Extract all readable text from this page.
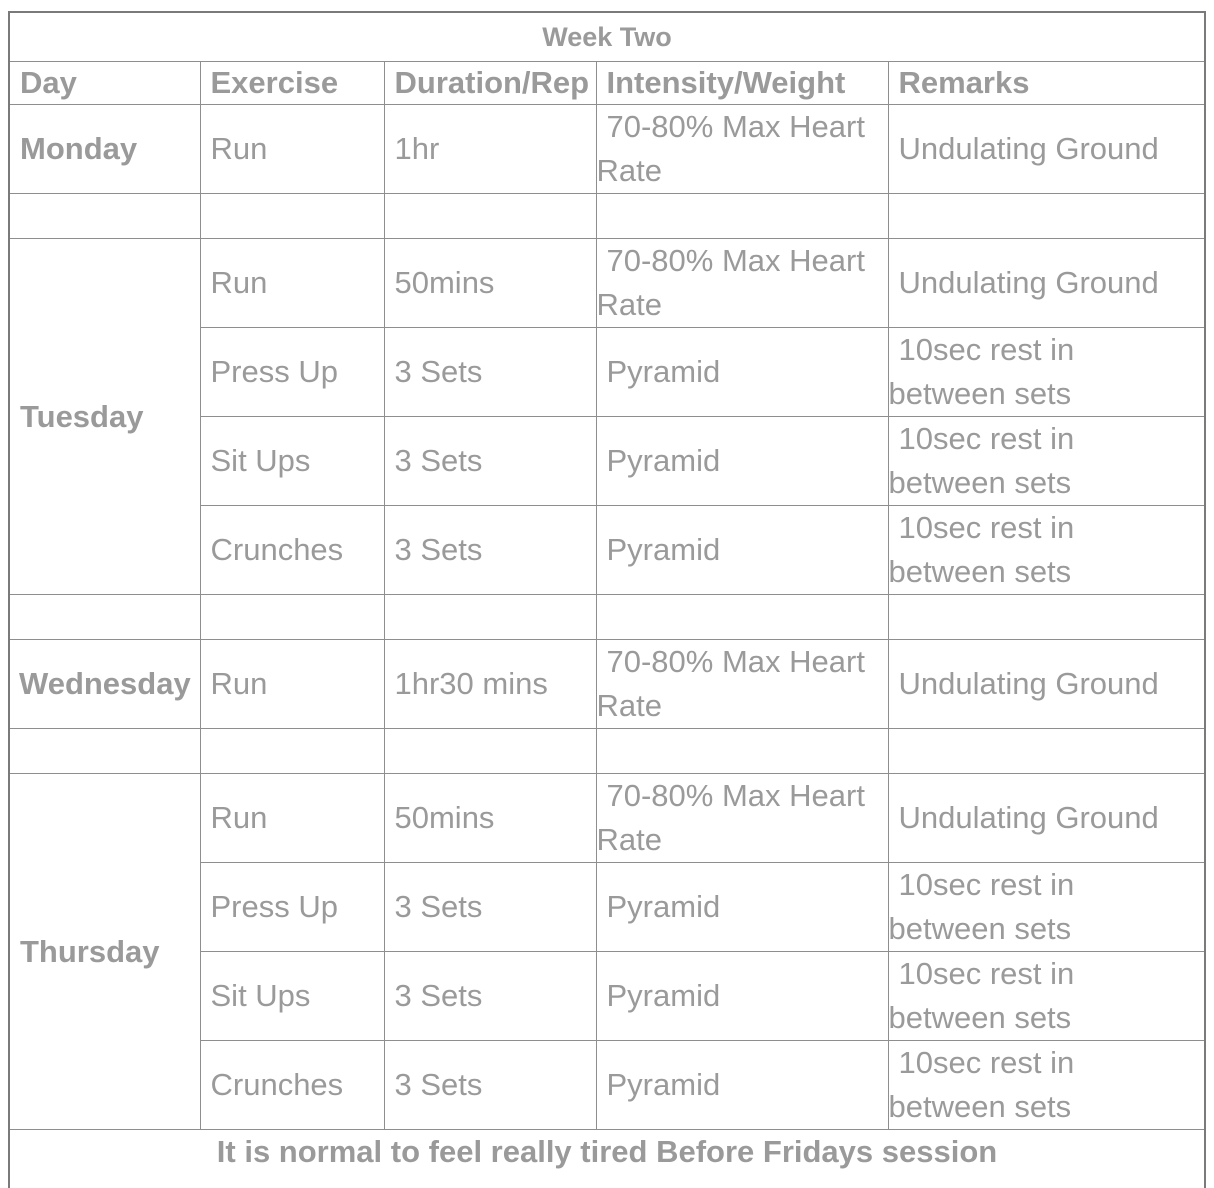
Week Two				
Day	Exercise	Duration/Rep	Intensity/Weight	Remarks
Monday	Run	1hr	70-80% Max Heart Rate	Undulating Ground

Tuesday	Run	50mins	70-80% Max Heart Rate	Undulating Ground
	Press Up	3 Sets	Pyramid	10sec rest in between sets
	Sit Ups	3 Sets	Pyramid	10sec rest in between sets
	Crunches	3 Sets	Pyramid	10sec rest in between sets

Wednesday	Run	1hr30 mins	70-80% Max Heart Rate	Undulating Ground

Thursday	Run	50mins	70-80% Max Heart Rate	Undulating Ground
	Press Up	3 Sets	Pyramid	10sec rest in between sets
	Sit Ups	3 Sets	Pyramid	10sec rest in between sets
	Crunches	3 Sets	Pyramid	10sec rest in between sets
It is normal to feel really tired Before Fridays session				
